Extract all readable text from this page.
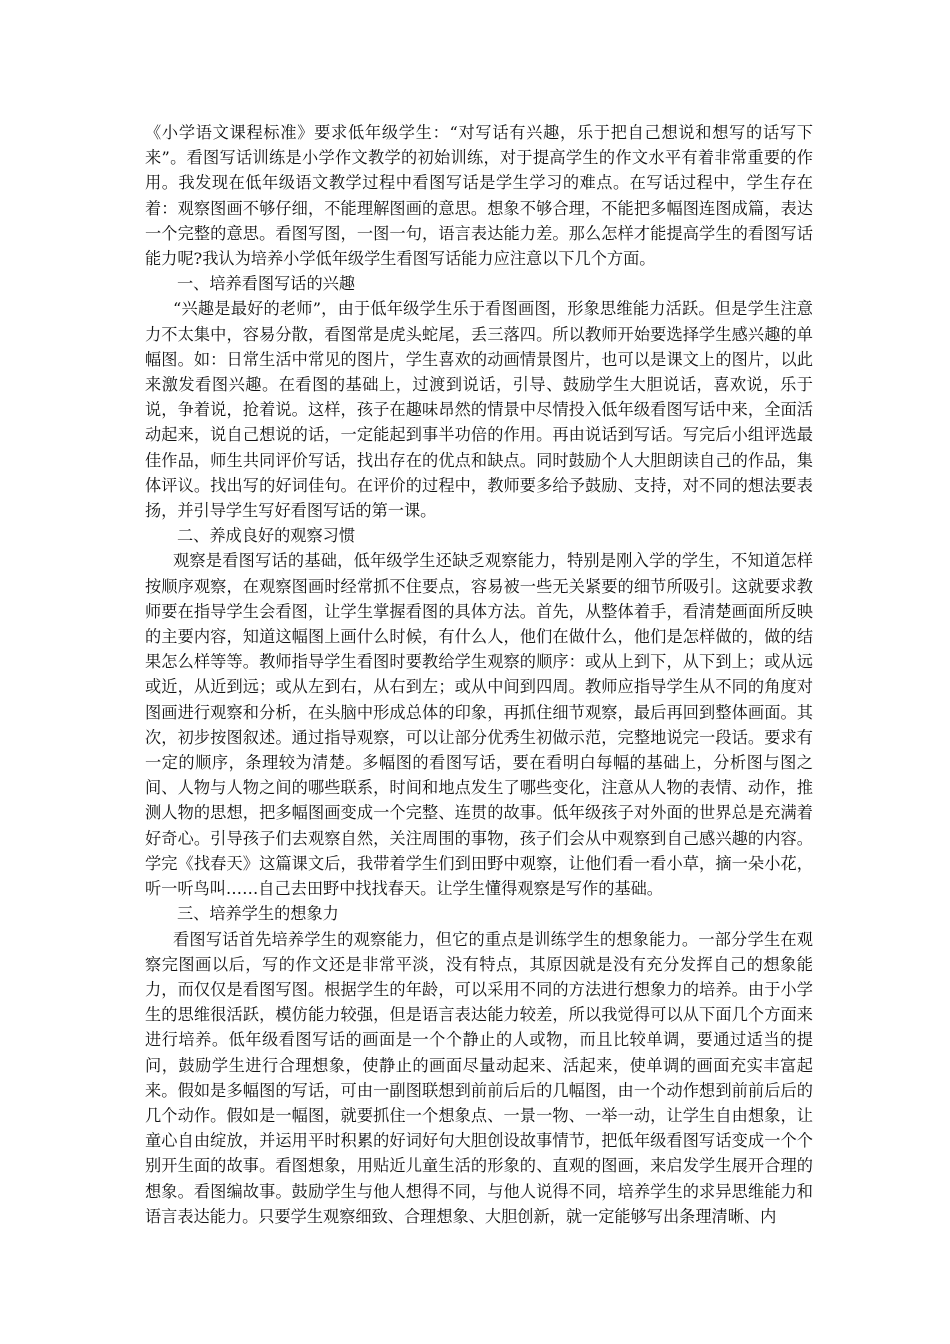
《小学语文课程标准》要求低年级学生：“对写话有兴趣，乐于把自己想说和想写的话写下来”。看图写话训练是小学作文教学的初始训练，对于提高学生的作文水平有着非常重要的作用。我发现在低年级语文教学过程中看图写话是学生学习的难点。在写话过程中，学生存在着：观察图画不够仔细，不能理解图画的意思。想象不够合理，不能把多幅图连图成篇，表达一个完整的意思。看图写图，一图一句，语言表达能力差。那么怎样才能提高学生的看图写话能力呢?我认为培养小学低年级学生看图写话能力应注意以下几个方面。

一、培养看图写话的兴趣

“兴趣是最好的老师”，由于低年级学生乐于看图画图，形象思维能力活跃。但是学生注意力不太集中，容易分散，看图常是虎头蛇尾，丢三落四。所以教师开始要选择学生感兴趣的单幅图。如：日常生活中常见的图片，学生喜欢的动画情景图片，也可以是课文上的图片，以此来激发看图兴趣。在看图的基础上，过渡到说话，引导、鼓励学生大胆说话，喜欢说，乐于说，争着说，抢着说。这样，孩子在趣味昂然的情景中尽情投入低年级看图写话中来，全面活动起来，说自己想说的话，一定能起到事半功倍的作用。再由说话到写话。写完后小组评选最佳作品，师生共同评价写话，找出存在的优点和缺点。同时鼓励个人大胆朗读自己的作品，集体评议。找出写的好词佳句。在评价的过程中，教师要多给予鼓励、支持，对不同的想法要表扬，并引导学生写好看图写话的第一课。

二、养成良好的观察习惯

观察是看图写话的基础，低年级学生还缺乏观察能力，特别是刚入学的学生，不知道怎样按顺序观察，在观察图画时经常抓不住要点，容易被一些无关紧要的细节所吸引。这就要求教师要在指导学生会看图，让学生掌握看图的具体方法。首先，从整体着手，看清楚画面所反映的主要内容，知道这幅图上画什么时候，有什么人，他们在做什么，他们是怎样做的，做的结果怎么样等等。教师指导学生看图时要教给学生观察的顺序：或从上到下，从下到上；或从远或近，从近到远；或从左到右，从右到左；或从中间到四周。教师应指导学生从不同的角度对图画进行观察和分析，在头脑中形成总体的印象，再抓住细节观察，最后再回到整体画面。其次，初步按图叙述。通过指导观察，可以让部分优秀生初做示范，完整地说完一段话。要求有一定的顺序，条理较为清楚。多幅图的看图写话，要在看明白每幅的基础上，分析图与图之间、人物与人物之间的哪些联系，时间和地点发生了哪些变化，注意从人物的表情、动作，推测人物的思想，把多幅图画变成一个完整、连贯的故事。低年级孩子对外面的世界总是充满着好奇心。引导孩子们去观察自然，关注周围的事物，孩子们会从中观察到自己感兴趣的内容。学完《找春天》这篇课文后，我带着学生们到田野中观察，让他们看一看小草，摘一朵小花，听一听鸟叫……自己去田野中找找春天。让学生懂得观察是写作的基础。

三、培养学生的想象力

看图写话首先培养学生的观察能力，但它的重点是训练学生的想象能力。一部分学生在观察完图画以后，写的作文还是非常平淡，没有特点，其原因就是没有充分发挥自己的想象能力，而仅仅是看图写图。根据学生的年龄，可以采用不同的方法进行想象力的培养。由于小学生的思维很活跃，模仿能力较强，但是语言表达能力较差，所以我觉得可以从下面几个方面来进行培养。低年级看图写话的画面是一个个静止的人或物，而且比较单调，要通过适当的提问，鼓励学生进行合理想象，使静止的画面尽量动起来、活起来，使单调的画面充实丰富起来。假如是多幅图的写话，可由一副图联想到前前后后的几幅图，由一个动作想到前前后后的几个动作。假如是一幅图，就要抓住一个想象点、一景一物、一举一动，让学生自由想象，让童心自由绽放，并运用平时积累的好词好句大胆创设故事情节，把低年级看图写话变成一个个别开生面的故事。看图想象，用贴近儿童生活的形象的、直观的图画，来启发学生展开合理的想象。看图编故事。鼓励学生与他人想得不同，与他人说得不同，培养学生的求异思维能力和语言表达能力。只要学生观察细致、合理想象、大胆创新，就一定能够写出条理清晰、内
